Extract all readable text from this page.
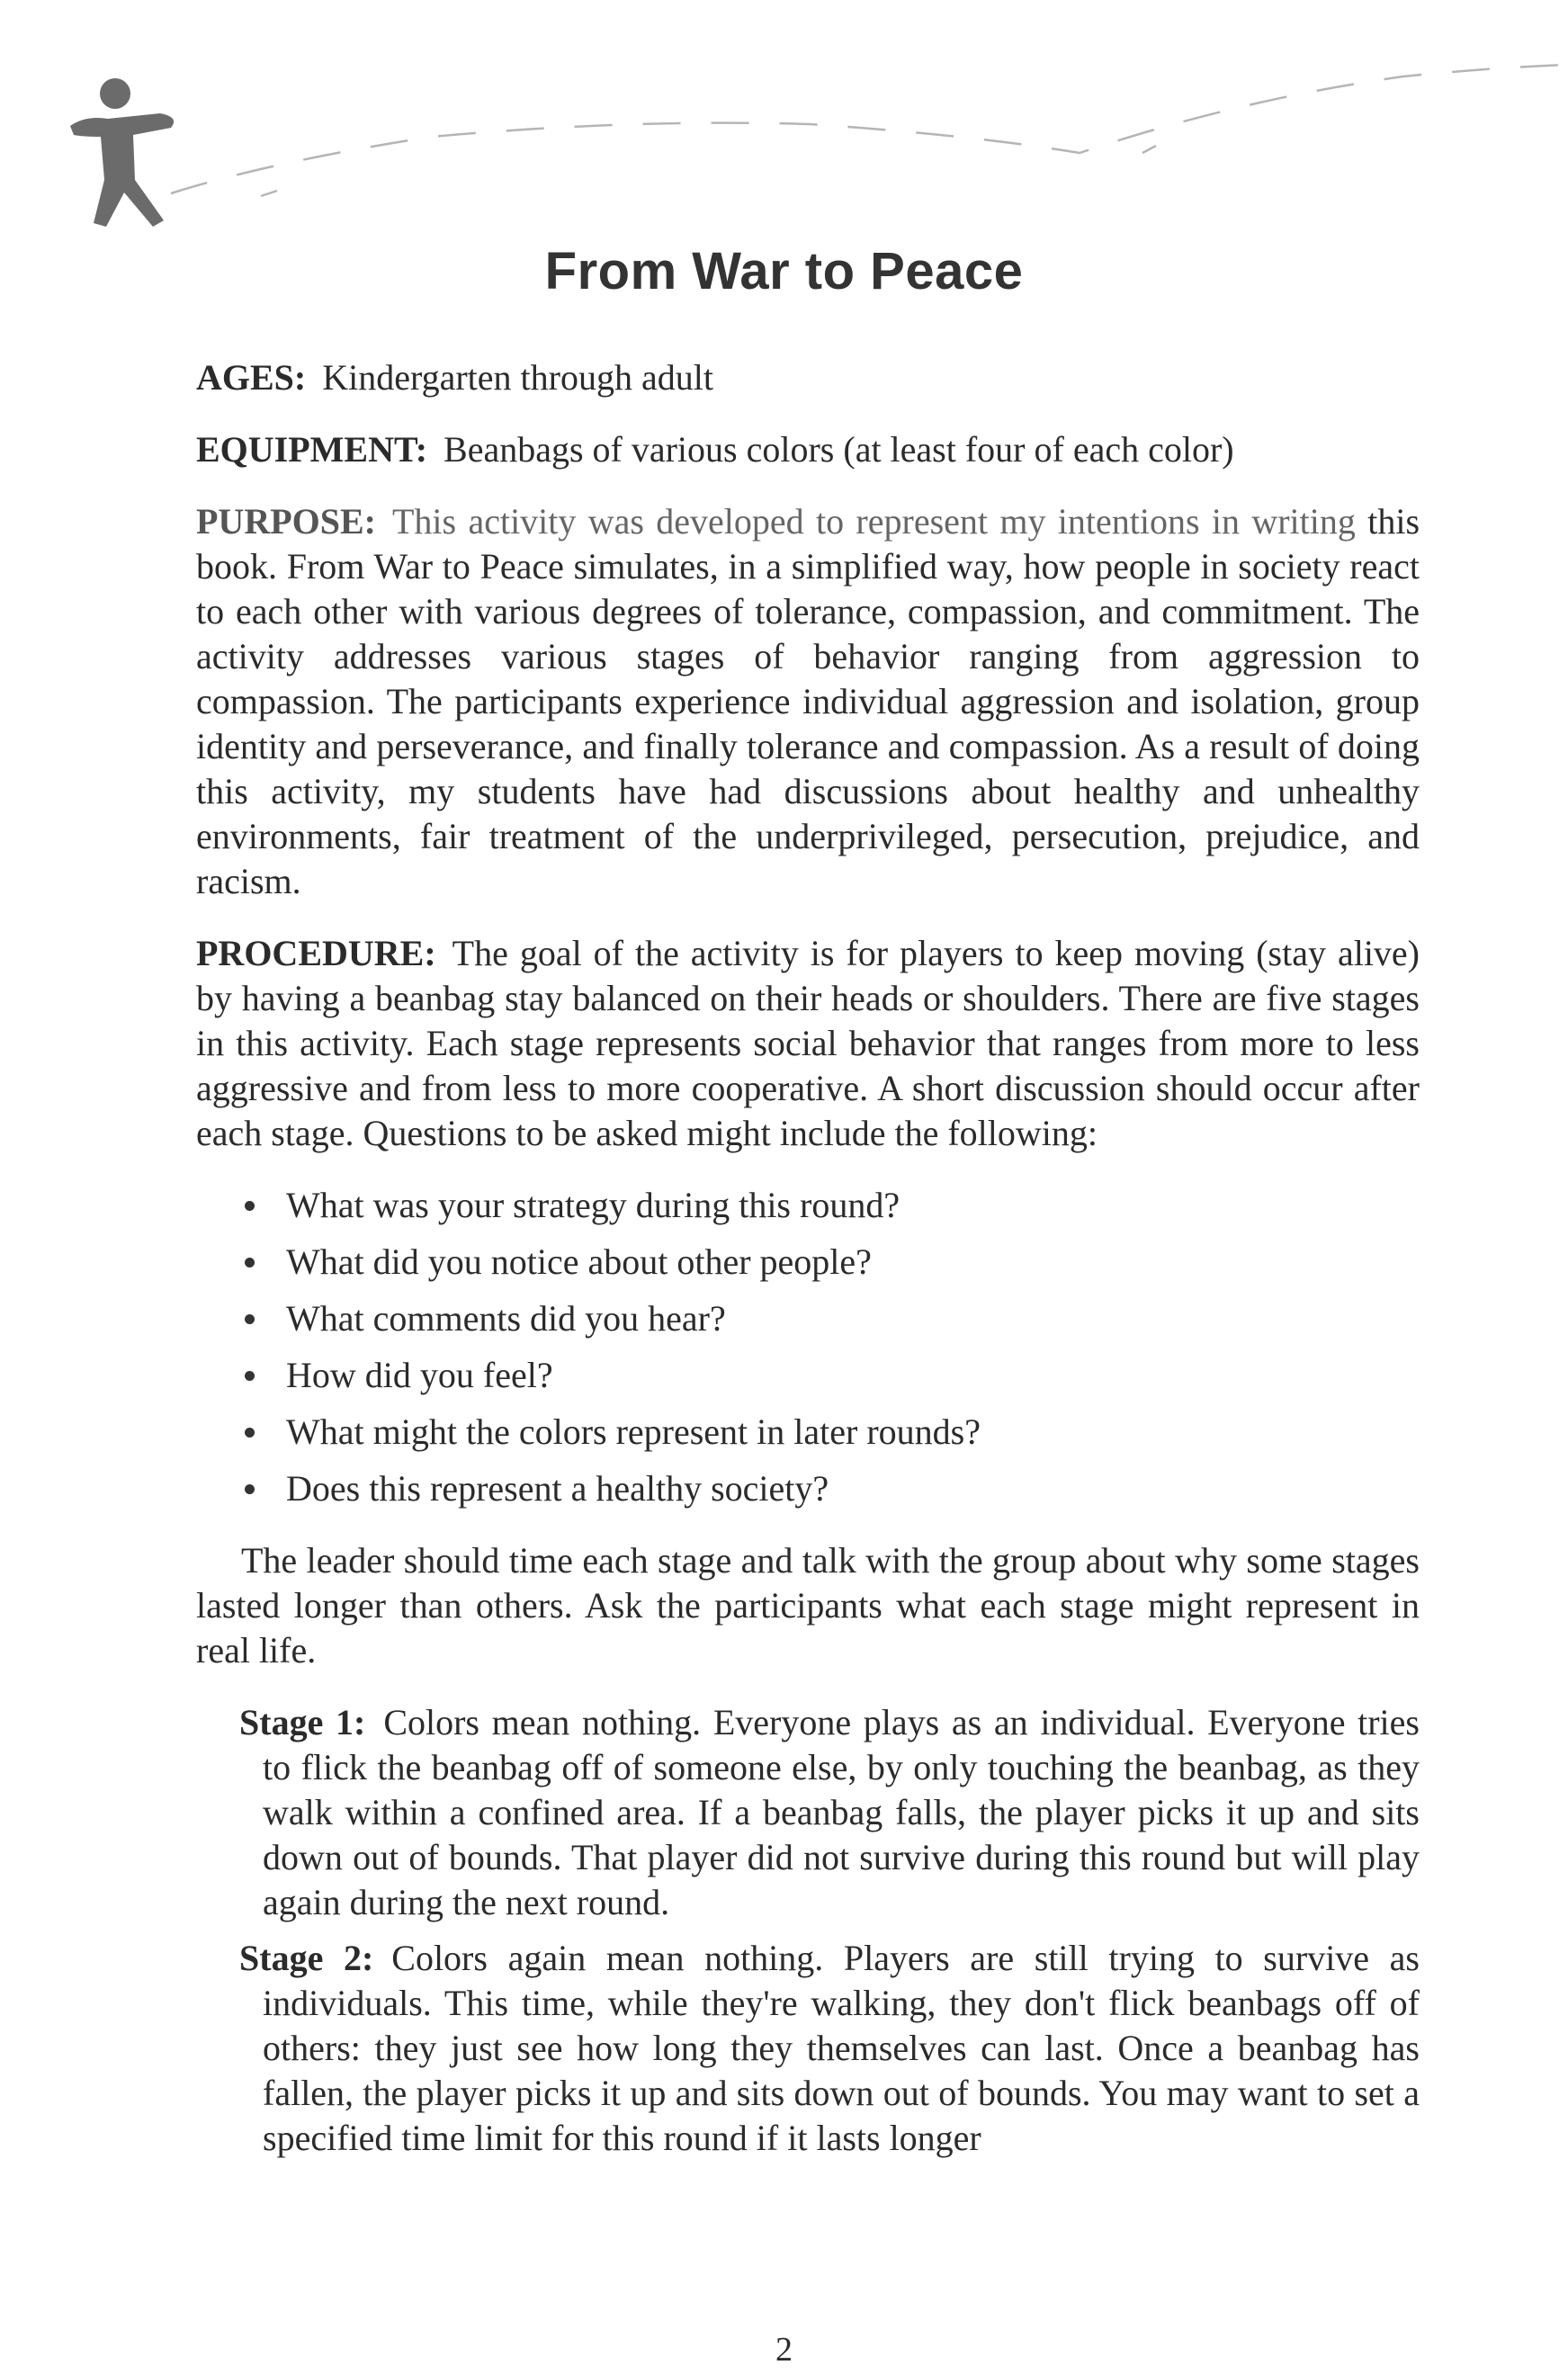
From War to Peace
AGES: Kindergarten through adult
EQUIPMENT: Beanbags of various colors (at least four of each color)
PURPOSE: This activity was developed to represent my intentions in writing this book. From War to Peace simulates, in a simplified way, how people in society react to each other with various degrees of tolerance, compassion, and commitment. The activity addresses various stages of behavior ranging from aggression to compassion. The participants experience individual aggression and isolation, group identity and perseverance, and finally tolerance and compassion. As a result of doing this activity, my students have had discussions about healthy and unhealthy environments, fair treatment of the underprivileged, persecution, prejudice, and racism.
PROCEDURE: The goal of the activity is for players to keep moving (stay alive) by having a beanbag stay balanced on their heads or shoulders. There are five stages in this activity. Each stage represents social behavior that ranges from more to less aggressive and from less to more cooperative. A short discussion should occur after each stage. Questions to be asked might include the following:
What was your strategy during this round?
What did you notice about other people?
What comments did you hear?
How did you feel?
What might the colors represent in later rounds?
Does this represent a healthy society?
The leader should time each stage and talk with the group about why some stages lasted longer than others. Ask the participants what each stage might represent in real life.
Stage 1: Colors mean nothing. Everyone plays as an individual. Everyone tries to flick the beanbag off of someone else, by only touching the beanbag, as they walk within a confined area. If a beanbag falls, the player picks it up and sits down out of bounds. That player did not survive during this round but will play again during the next round.
Stage 2: Colors again mean nothing. Players are still trying to survive as individuals. This time, while they're walking, they don't flick beanbags off of others: they just see how long they themselves can last. Once a beanbag has fallen, the player picks it up and sits down out of bounds. You may want to set a specified time limit for this round if it lasts longer
2
